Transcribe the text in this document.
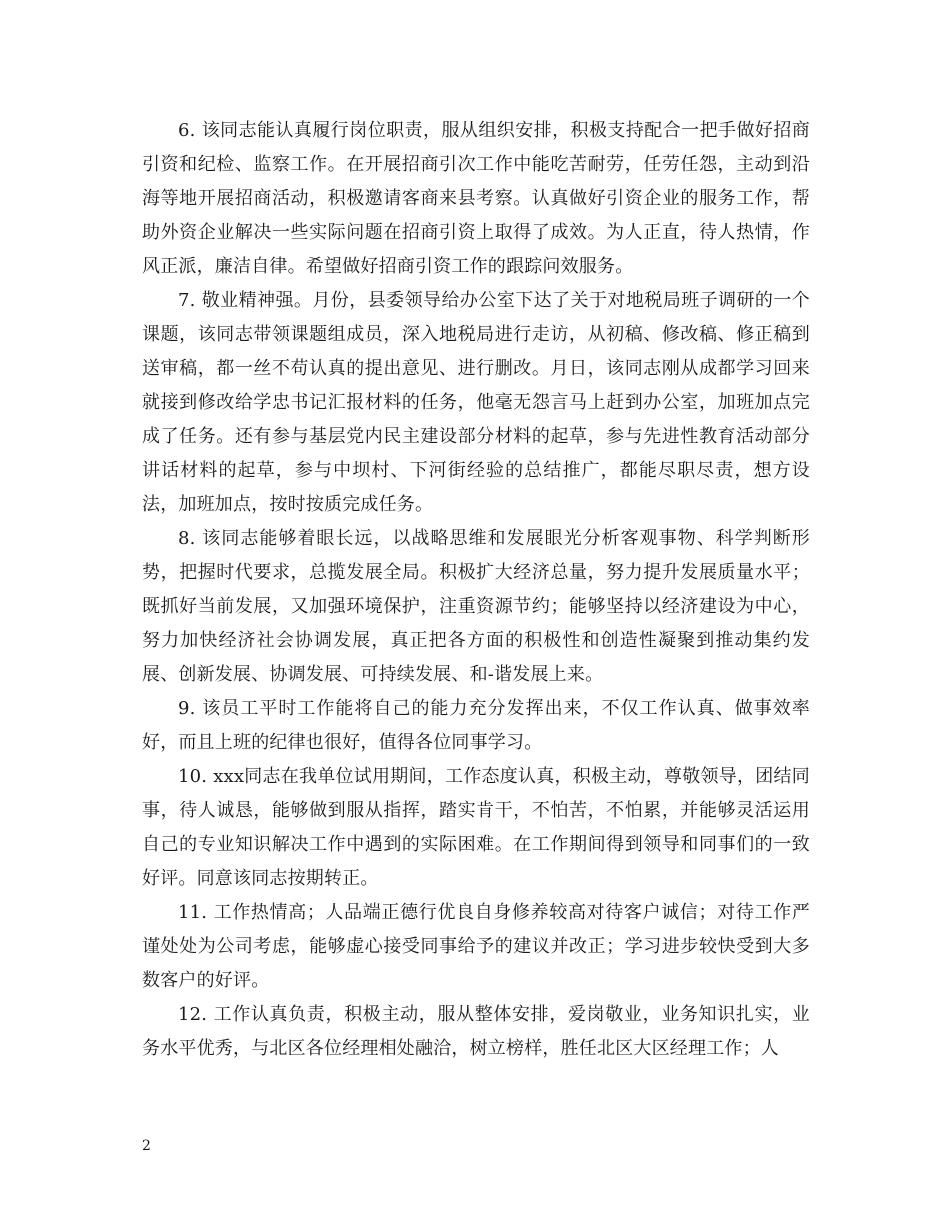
6. 该同志能认真履行岗位职责，服从组织安排，积极支持配合一把手做好招商引资和纪检、监察工作。在开展招商引次工作中能吃苦耐劳，任劳任怨，主动到沿海等地开展招商活动，积极邀请客商来县考察。认真做好引资企业的服务工作，帮助外资企业解决一些实际问题在招商引资上取得了成效。为人正直，待人热情，作风正派，廉洁自律。希望做好招商引资工作的跟踪问效服务。

7. 敬业精神强。月份，县委领导给办公室下达了关于对地税局班子调研的一个课题，该同志带领课题组成员，深入地税局进行走访，从初稿、修改稿、修正稿到送审稿，都一丝不苟认真的提出意见、进行删改。月日，该同志刚从成都学习回来就接到修改给学忠书记汇报材料的任务，他毫无怨言马上赶到办公室，加班加点完成了任务。还有参与基层党内民主建设部分材料的起草，参与先进性教育活动部分讲话材料的起草，参与中坝村、下河街经验的总结推广，都能尽职尽责，想方设法，加班加点，按时按质完成任务。

8. 该同志能够着眼长远，以战略思维和发展眼光分析客观事物、科学判断形势，把握时代要求，总揽发展全局。积极扩大经济总量，努力提升发展质量水平；既抓好当前发展，又加强环境保护，注重资源节约；能够坚持以经济建设为中心，努力加快经济社会协调发展，真正把各方面的积极性和创造性凝聚到推动集约发展、创新发展、协调发展、可持续发展、和-谐发展上来。

9. 该员工平时工作能将自己的能力充分发挥出来，不仅工作认真、做事效率好，而且上班的纪律也很好，值得各位同事学习。

10. xxx同志在我单位试用期间，工作态度认真，积极主动，尊敬领导，团结同事，待人诚恳，能够做到服从指挥，踏实肯干，不怕苦，不怕累，并能够灵活运用自己的专业知识解决工作中遇到的实际困难。在工作期间得到领导和同事们的一致好评。同意该同志按期转正。

11. 工作热情高；人品端正德行优良自身修养较高对待客户诚信；对待工作严谨处处为公司考虑，能够虚心接受同事给予的建议并改正；学习进步较快受到大多数客户的好评。

12. 工作认真负责，积极主动，服从整体安排，爱岗敬业，业务知识扎实，业务水平优秀，与北区各位经理相处融洽，树立榜样，胜任北区大区经理工作；人

2
